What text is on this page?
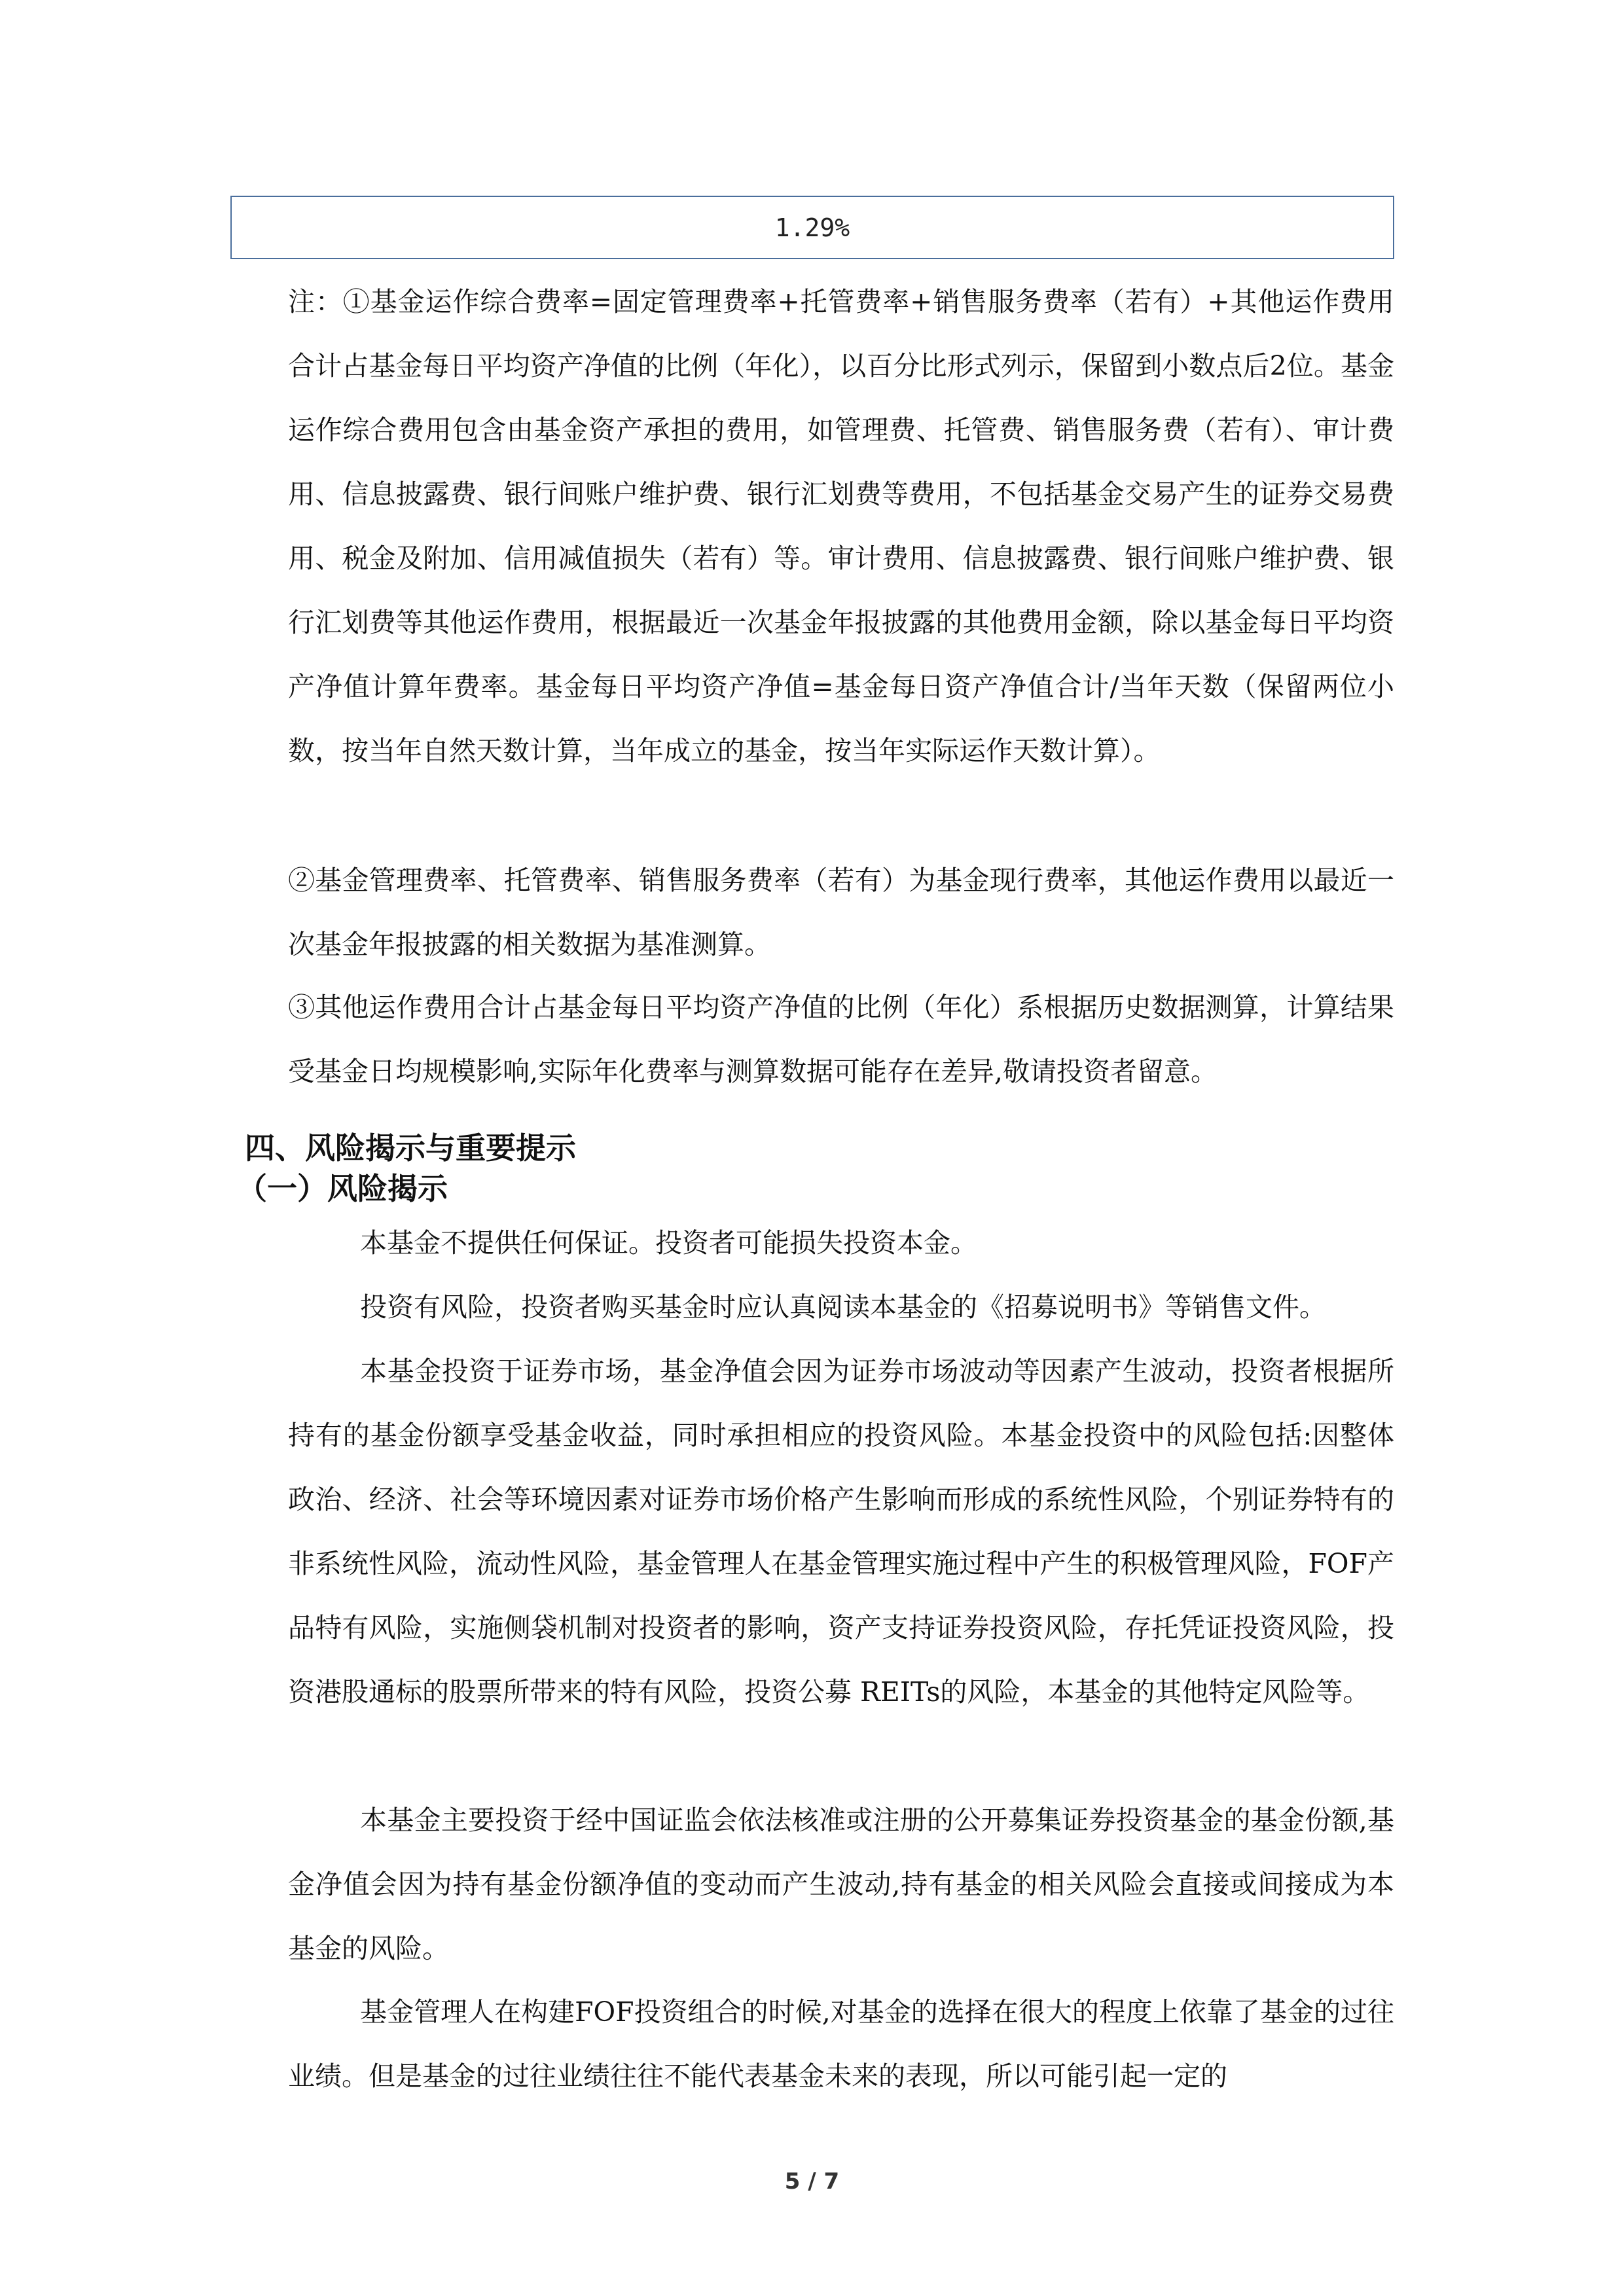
1.29%

注：①基金运作综合费率=固定管理费率+托管费率+销售服务费率（若有）+其他运作费用合计占基金每日平均资产净值的比例（年化），以百分比形式列示，保留到小数点后2位。基金运作综合费用包含由基金资产承担的费用，如管理费、托管费、销售服务费（若有）、审计费用、信息披露费、银行间账户维护费、银行汇划费等费用，不包括基金交易产生的证券交易费用、税金及附加、信用减值损失（若有）等。审计费用、信息披露费、银行间账户维护费、银行汇划费等其他运作费用，根据最近一次基金年报披露的其他费用金额，除以基金每日平均资产净值计算年费率。基金每日平均资产净值=基金每日资产净值合计/当年天数（保留两位小数，按当年自然天数计算，当年成立的基金，按当年实际运作天数计算）。

②基金管理费率、托管费率、销售服务费率（若有）为基金现行费率，其他运作费用以最近一次基金年报披露的相关数据为基准测算。

③其他运作费用合计占基金每日平均资产净值的比例（年化）系根据历史数据测算，计算结果受基金日均规模影响,实际年化费率与测算数据可能存在差异,敬请投资者留意。

四、风险揭示与重要提示
（一）风险揭示

本基金不提供任何保证。投资者可能损失投资本金。

投资有风险，投资者购买基金时应认真阅读本基金的《招募说明书》等销售文件。

本基金投资于证券市场，基金净值会因为证券市场波动等因素产生波动，投资者根据所持有的基金份额享受基金收益，同时承担相应的投资风险。本基金投资中的风险包括:因整体政治、经济、社会等环境因素对证券市场价格产生影响而形成的系统性风险，个别证券特有的非系统性风险，流动性风险，基金管理人在基金管理实施过程中产生的积极管理风险，FOF产品特有风险，实施侧袋机制对投资者的影响，资产支持证券投资风险，存托凭证投资风险，投资港股通标的股票所带来的特有风险，投资公募 REITs的风险，本基金的其他特定风险等。

本基金主要投资于经中国证监会依法核准或注册的公开募集证券投资基金的基金份额,基金净值会因为持有基金份额净值的变动而产生波动,持有基金的相关风险会直接或间接成为本基金的风险。

基金管理人在构建FOF投资组合的时候,对基金的选择在很大的程度上依靠了基金的过往业绩。但是基金的过往业绩往往不能代表基金未来的表现，所以可能引起一定的

5 / 7
